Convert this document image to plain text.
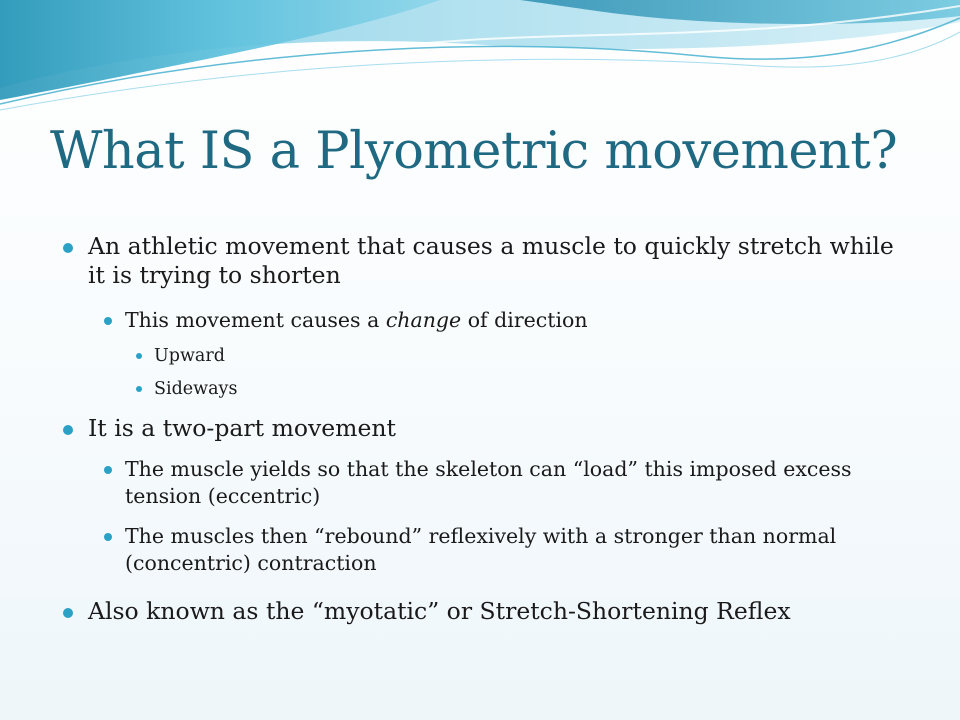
What IS a Plyometric movement?
An athletic movement that causes a muscle to quickly stretch while it is trying to shorten
This movement causes a change of direction
Upward
Sideways
It is a two-part movement
The muscle yields so that the skeleton can “load” this imposed excess tension (eccentric)
The muscles then “rebound” reflexively with a stronger than normal (concentric) contraction
Also known as the “myotatic” or Stretch-Shortening Reflex
